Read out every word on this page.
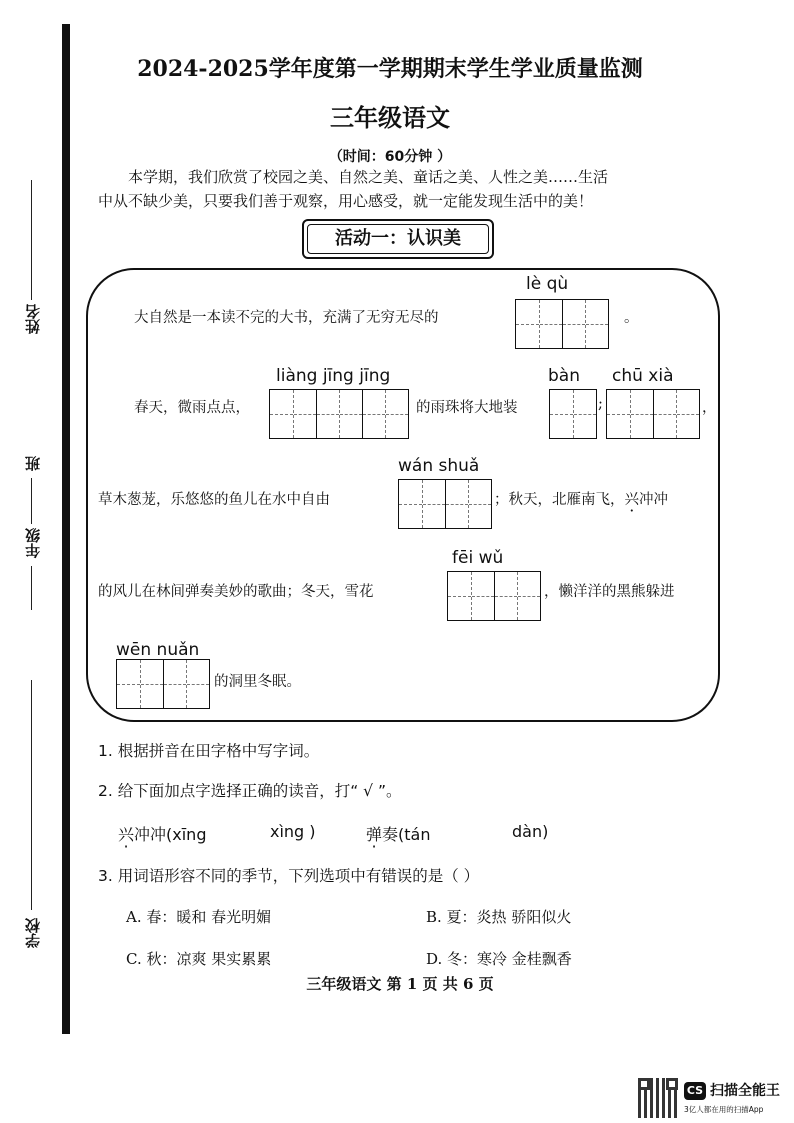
姓名
班
年级
学校
2024-2025学年度第一学期期末学生学业质量监测
三年级语文
（时间：60分钟 ）
本学期，我们欣赏了校园之美、自然之美、童话之美、人性之美……生活
中从不缺少美，只要我们善于观察，用心感受，就一定能发现生活中的美！
活动一：认识美
大自然是一本读不完的大书，充满了无穷无尽的
lè qù
。
春天，微雨点点，
liàng jīng jīng
的雨珠将大地装
bàn
;
chū xià
，
草木葱茏，乐悠悠的鱼儿在水中自由
wán shuǎ
；秋天，北雁南飞，兴冲冲
的风儿在林间弹奏美妙的歌曲；冬天，雪花
fēi wǔ
，懒洋洋的黑熊躲进
wēn nuǎn
的洞里冬眠。
1. 根据拼音在田字格中写字词。
2. 给下面加点字选择正确的读音，打“ √ ”。
兴冲冲(xīng	xìng )	弹奏(tán	dàn)
3. 用词语形容不同的季节，下列选项中有错误的是（ ）
A. 春：暖和 春光明媚	B. 夏：炎热 骄阳似火
C. 秋：凉爽 果实累累	D. 冬：寒冷 金桂飘香
三年级语文 第 1 页 共 6 页
CS 扫描全能王
3亿人都在用的扫描App
